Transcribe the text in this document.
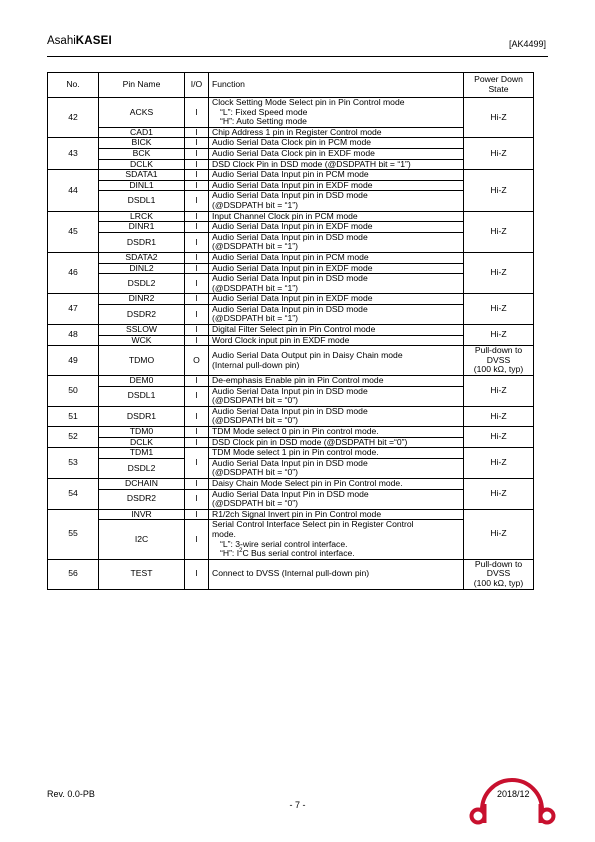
AsahiKASEI	[AK4499]
No.	Pin Name	I/O	Function	Power Down State
42	ACKS	I	Clock Setting Mode Select pin in Pin Control mode
“L”: Fixed Speed mode
“H”: Auto Setting mode	Hi-Z

	CAD1	I	Chip Address 1 pin in Register Control mode	

43	BICK	I	Audio Serial Data Clock pin in PCM mode	Hi-Z

	BCK	I	Audio Serial Data Clock pin in EXDF mode	

	DCLK	I	DSD Clock Pin in DSD mode (@DSDPATH bit = “1”)	

44	SDATA1	I	Audio Serial Data Input pin in PCM mode	Hi-Z

	DINL1	I	Audio Serial Data Input pin in EXDF mode	

	DSDL1	I	Audio Serial Data Input pin in DSD mode
(@DSDPATH bit = “1”)	

45	LRCK	I	Input Channel Clock pin in PCM mode	Hi-Z

	DINR1	I	Audio Serial Data Input pin in EXDF mode	

	DSDR1	I	Audio Serial Data Input pin in DSD mode
(@DSDPATH bit = “1”)	

46	SDATA2	I	Audio Serial Data Input pin in PCM mode	Hi-Z

	DINL2	I	Audio Serial Data Input pin in EXDF mode	

	DSDL2	I	Audio Serial Data Input pin in DSD mode
(@DSDPATH bit = “1”)	

47	DINR2	I	Audio Serial Data Input pin in EXDF mode	Hi-Z

	DSDR2	I	Audio Serial Data Input pin in DSD mode
(@DSDPATH bit = “1”)	

48	SSLOW	I	Digital Filter Select pin in Pin Control mode	Hi-Z

	WCK	I	Word Clock input pin in EXDF mode	

49	TDMO	O	Audio Serial Data Output pin in Daisy Chain mode
(Internal pull-down pin)	Pull-down to
DVSS
(100 kΩ, typ)

50	DEM0	I	De-emphasis Enable pin in Pin Control mode	Hi-Z

	DSDL1	I	Audio Serial Data Input pin in DSD mode
(@DSDPATH bit = “0”)	

51	DSDR1	I	Audio Serial Data Input pin in DSD mode
(@DSDPATH bit = “0”)	Hi-Z

52	TDM0	I	TDM Mode select 0 pin in Pin control mode.	Hi-Z

	DCLK	I	DSD Clock pin in DSD mode (@DSDPATH bit =“0”)	

53	TDM1	I	TDM Mode select 1 pin in Pin control mode.	Hi-Z

	DSDL2		Audio Serial Data Input pin in DSD mode
(@DSDPATH bit = “0”)	

54	DCHAIN	I	Daisy Chain Mode Select pin in Pin Control mode.	Hi-Z

	DSDR2	I	Audio Serial Data Input Pin in DSD mode
(@DSDPATH bit = “0”)	

55	INVR	I	R1/2ch Signal Invert pin in Pin Control mode	Hi-Z

	I2C	I	Serial Control Interface Select pin in Register Control
mode.
“L”: 3-wire serial control interface.
“H”: $I^2C$ Bus serial control interface.	

56	TEST	I	Connect to DVSS (Internal pull-down pin)	Pull-down to
DVSS
(100 kΩ, typ)
Rev. 0.0-PB
- 7 -
2018/12
